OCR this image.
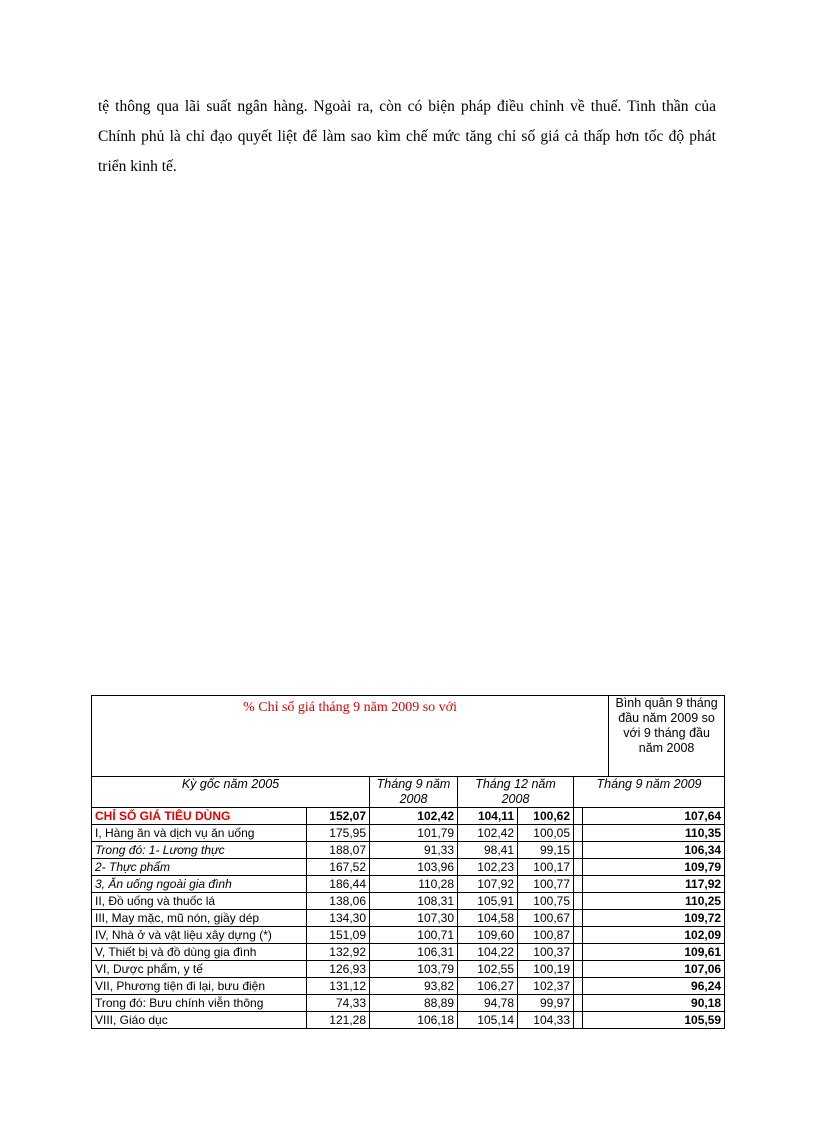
tệ thông qua lãi suất ngân hàng. Ngoài ra, còn có biện pháp điều chỉnh về thuế. Tinh thần của Chính phủ là chỉ đạo quyết liệt để làm sao kìm chế mức tăng chỉ số giá cả thấp hơn tốc độ phát triển kinh tế.

% Chỉ số giá tháng 9 năm 2009 so với							Bình quân 9 tháng đầu năm 2009 so với 9 tháng đầu năm 2008
Kỳ gốc năm 2005		Tháng 9 năm 2008	Tháng 12 năm 2008		Tháng 9 năm 2009		
CHỈ SỐ GIÁ TIÊU DÙNG	152,07	102,42	104,11	100,62		107,64	
I, Hàng ăn và dịch vụ ăn uống	175,95	101,79	102,42	100,05		110,35	
Trong đó: 1- Lương thực	188,07	91,33	98,41	99,15		106,34	
2- Thực phẩm	167,52	103,96	102,23	100,17		109,79	
3, Ăn uống ngoài gia đình	186,44	110,28	107,92	100,77		117,92	
II, Đồ uống và thuốc lá	138,06	108,31	105,91	100,75		110,25	
III, May mặc, mũ nón, giầy dép	134,30	107,30	104,58	100,67		109,72	
IV, Nhà ở và vật liệu xây dựng (*)	151,09	100,71	109,60	100,87		102,09	
V, Thiết bị và đồ dùng gia đình	132,92	106,31	104,22	100,37		109,61	
VI, Dược phẩm, y tế	126,93	103,79	102,55	100,19		107,06	
VII, Phương tiện đi lại, bưu điện	131,12	93,82	106,27	102,37		96,24	
Trong đó: Bưu chính viễn thông	74,33	88,89	94,78	99,97		90,18	
VIII, Giáo dục	121,28	106,18	105,14	104,33		105,59	
